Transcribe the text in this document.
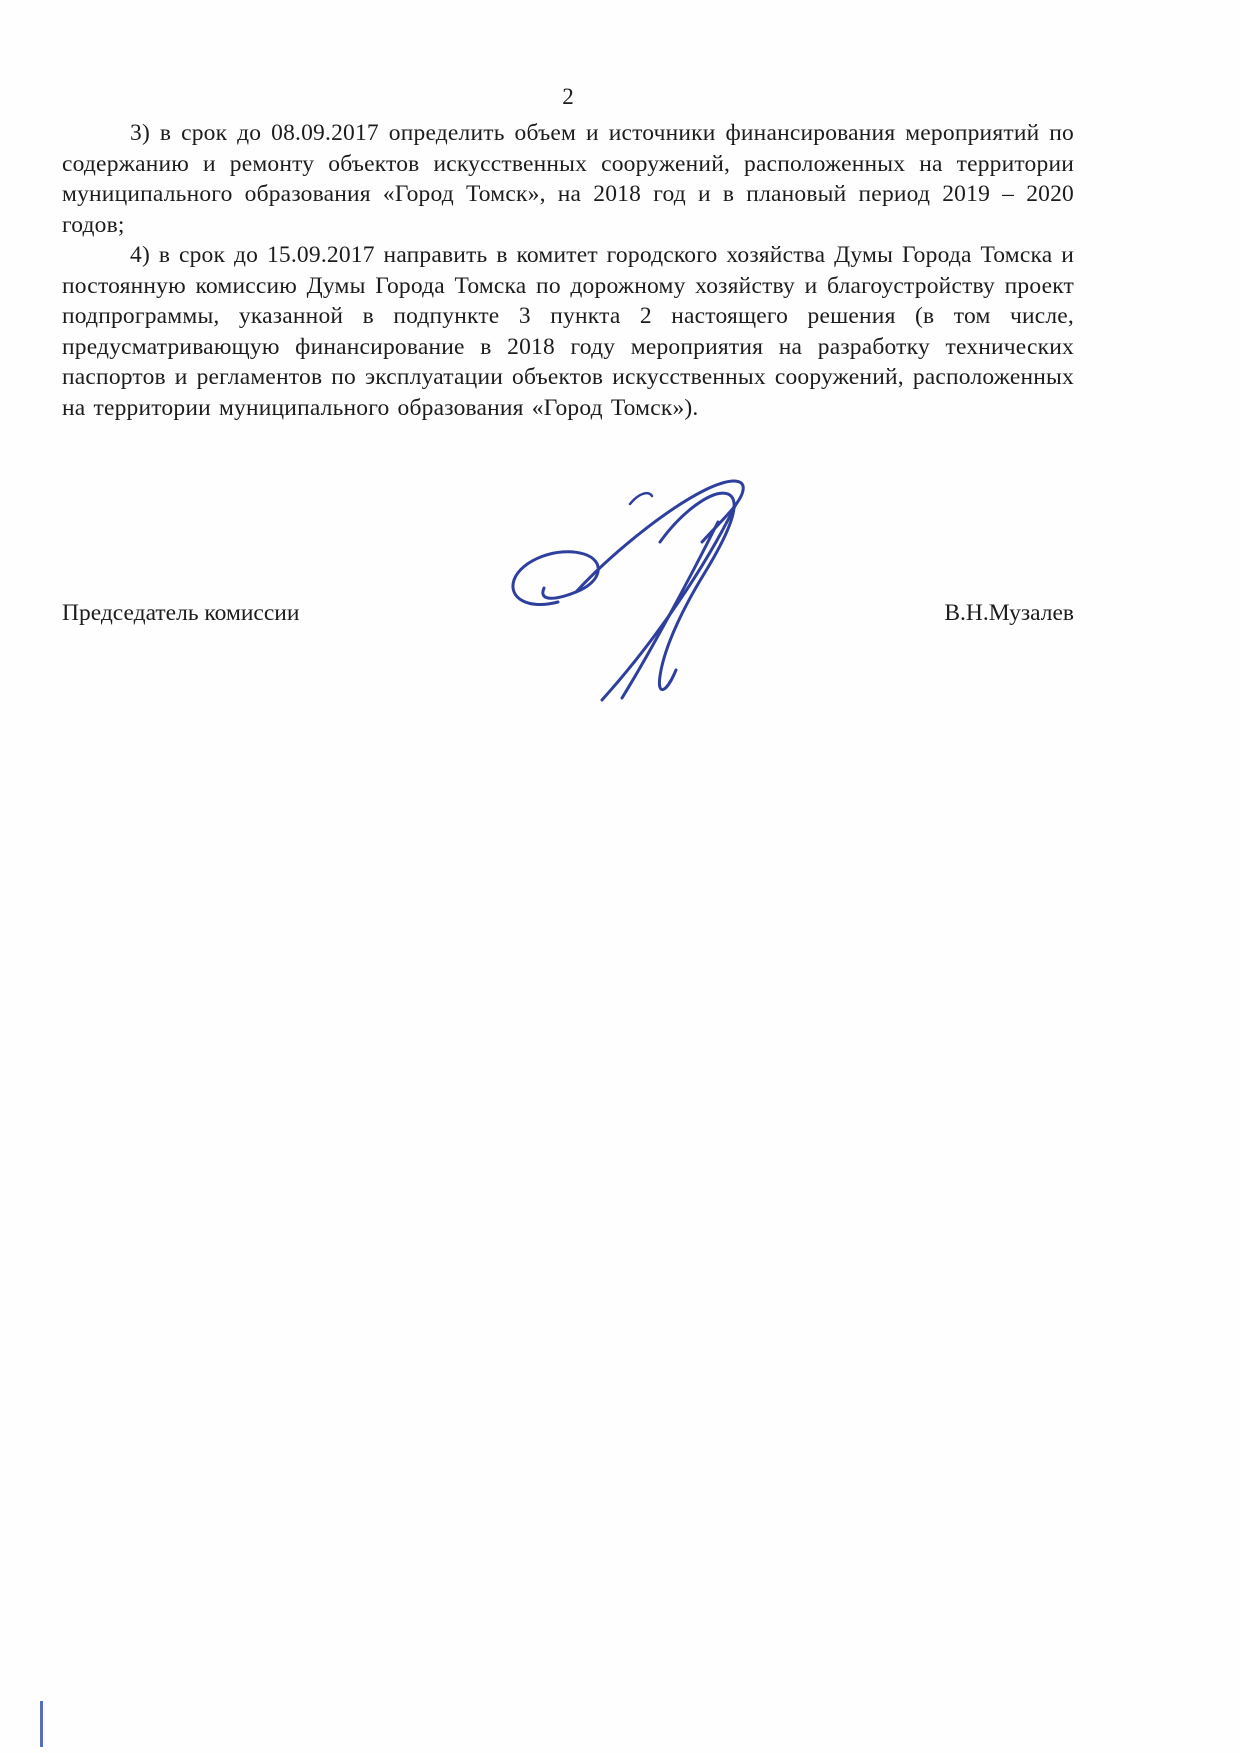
2

3) в срок до 08.09.2017 определить объем и источники финансирования мероприятий по содержанию и ремонту объектов искусственных сооружений, расположенных на территории муниципального образования «Город Томск», на 2018 год и в плановый период 2019 – 2020 годов;

4) в срок до 15.09.2017 направить в комитет городского хозяйства Думы Города Томска и постоянную комиссию Думы Города Томска по дорожному хозяйству и благоустройству проект подпрограммы, указанной в подпункте 3 пункта 2 настоящего решения (в том числе, предусматривающую финансирование в 2018 году мероприятия на разработку технических паспортов и регламентов по эксплуатации объектов искусственных сооружений, расположенных на территории муниципального образования «Город Томск»).

Председатель комиссии	В.Н.Музалев
